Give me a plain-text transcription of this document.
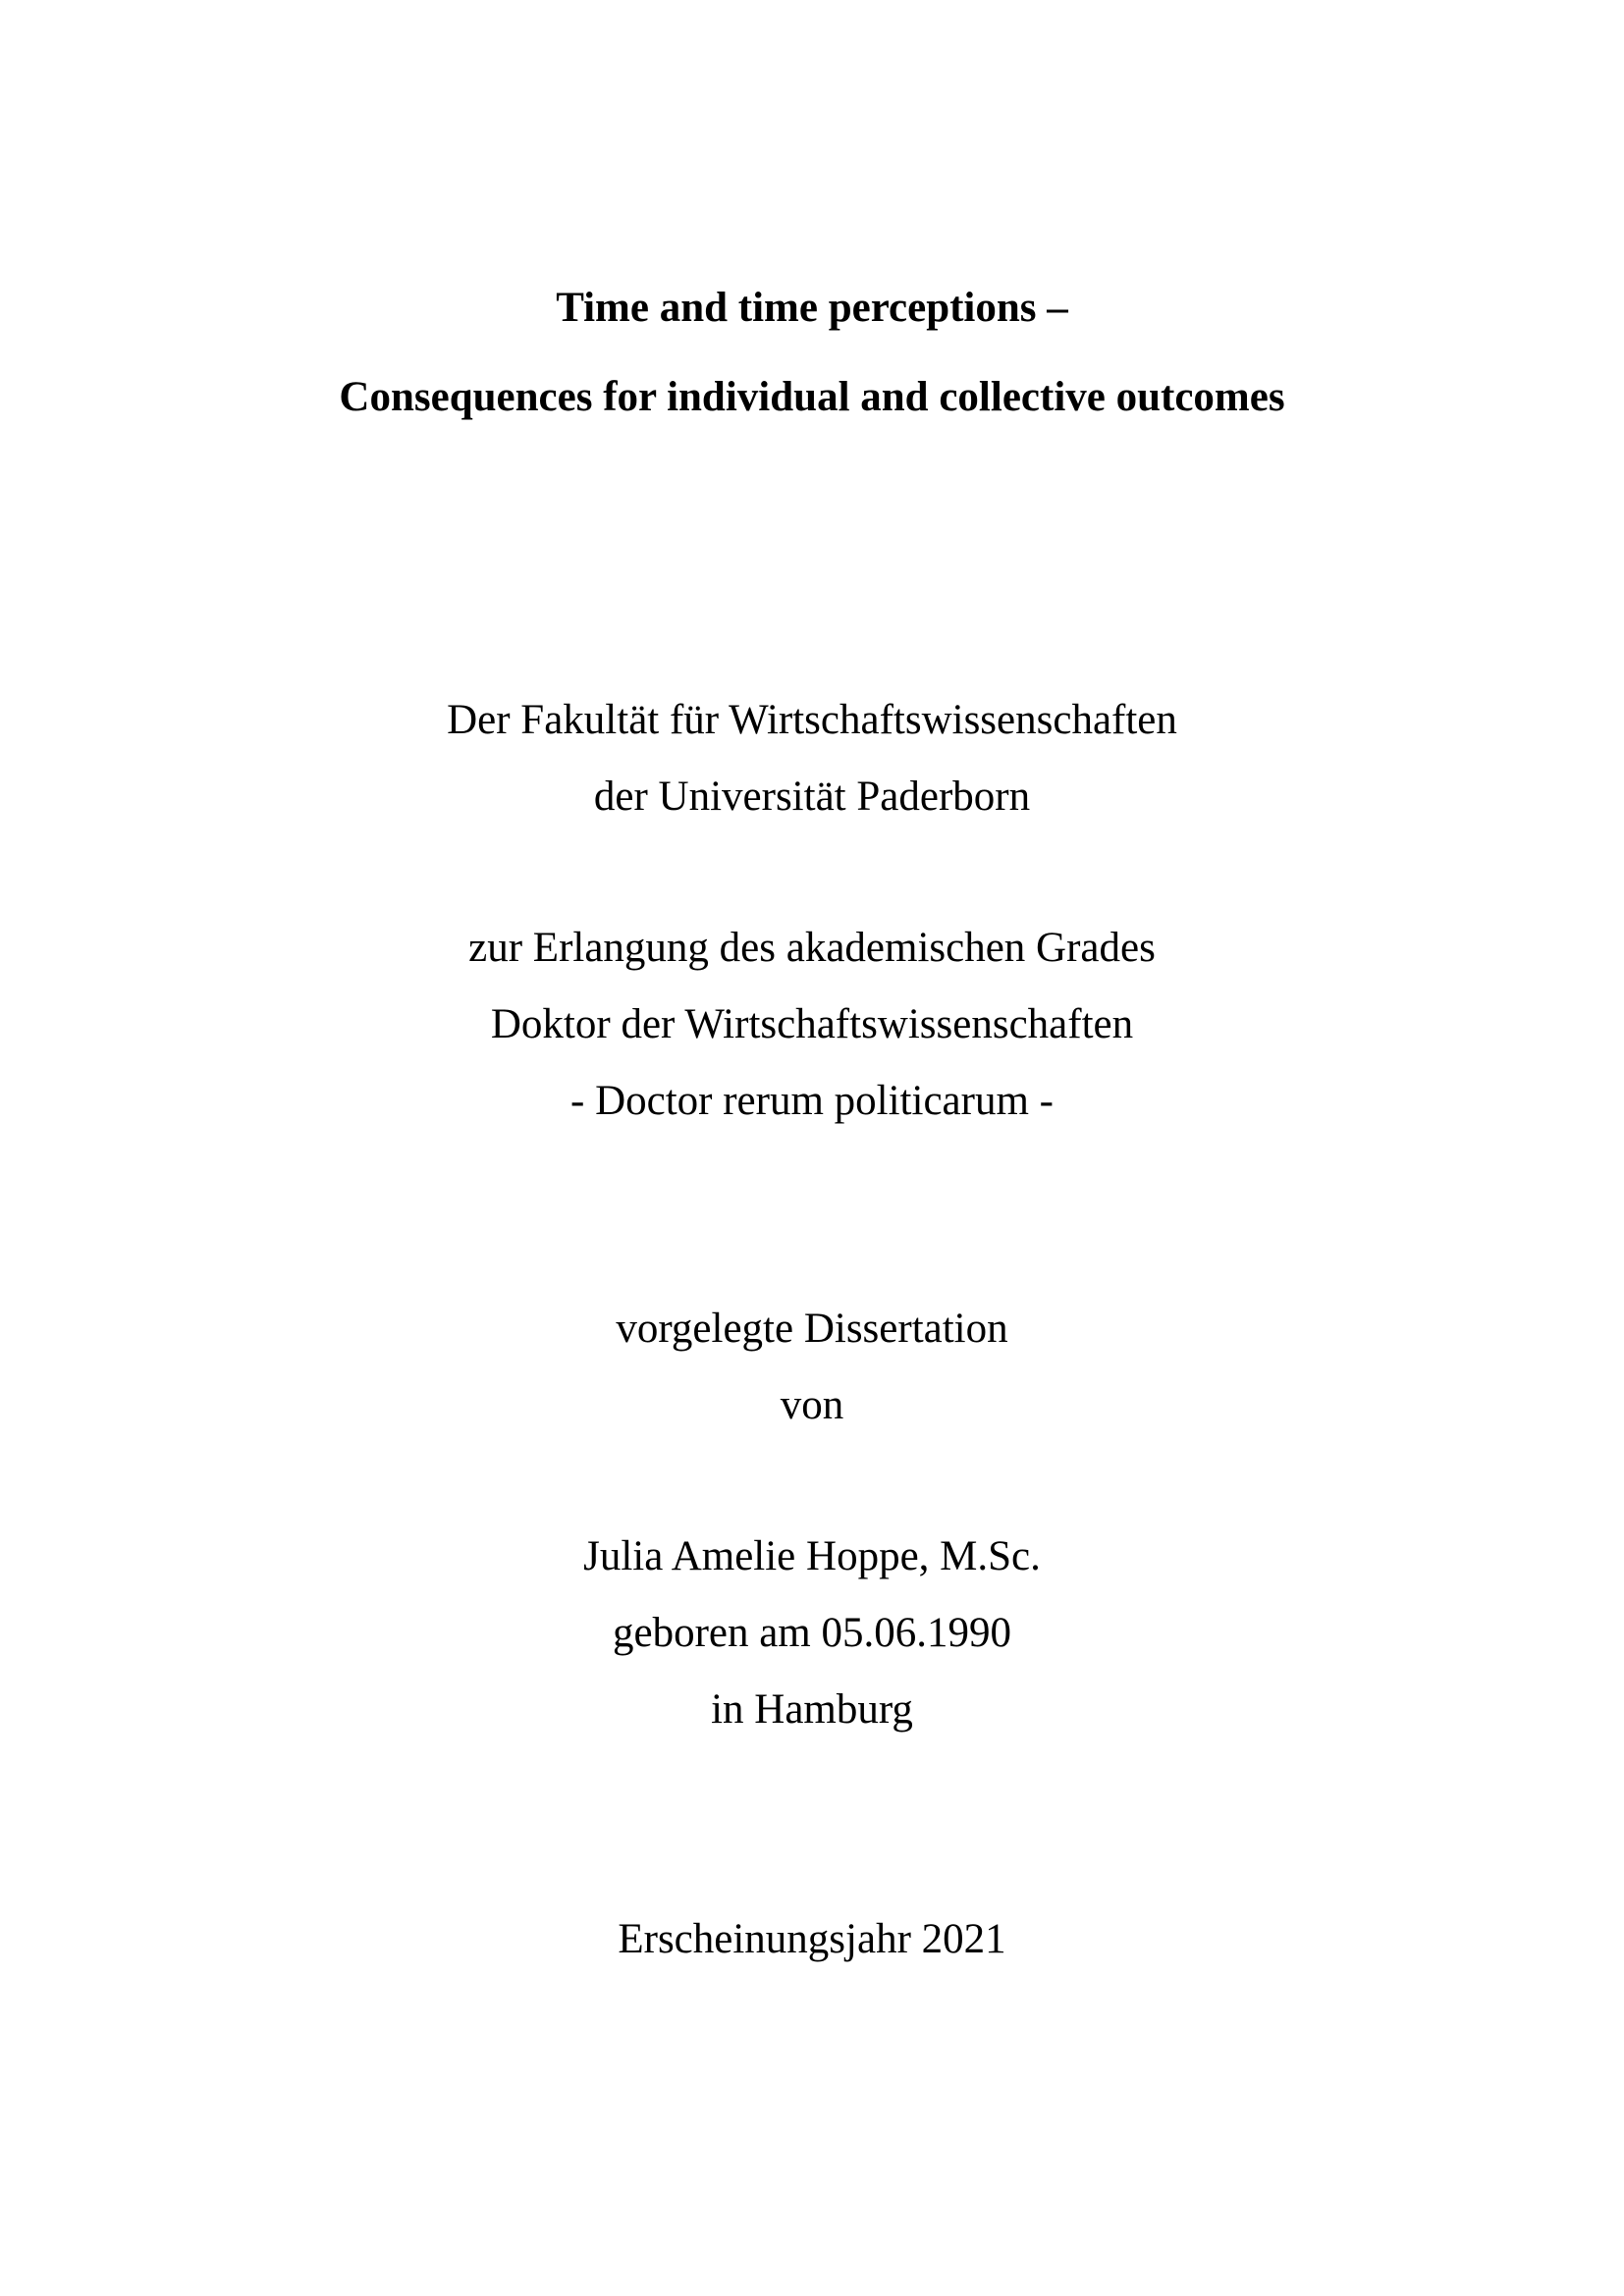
Time and time perceptions –
Consequences for individual and collective outcomes
Der Fakultät für Wirtschaftswissenschaften
der Universität Paderborn
zur Erlangung des akademischen Grades
Doktor der Wirtschaftswissenschaften
- Doctor rerum politicarum -
vorgelegte Dissertation
von
Julia Amelie Hoppe, M.Sc.
geboren am 05.06.1990
in Hamburg
Erscheinungsjahr 2021
